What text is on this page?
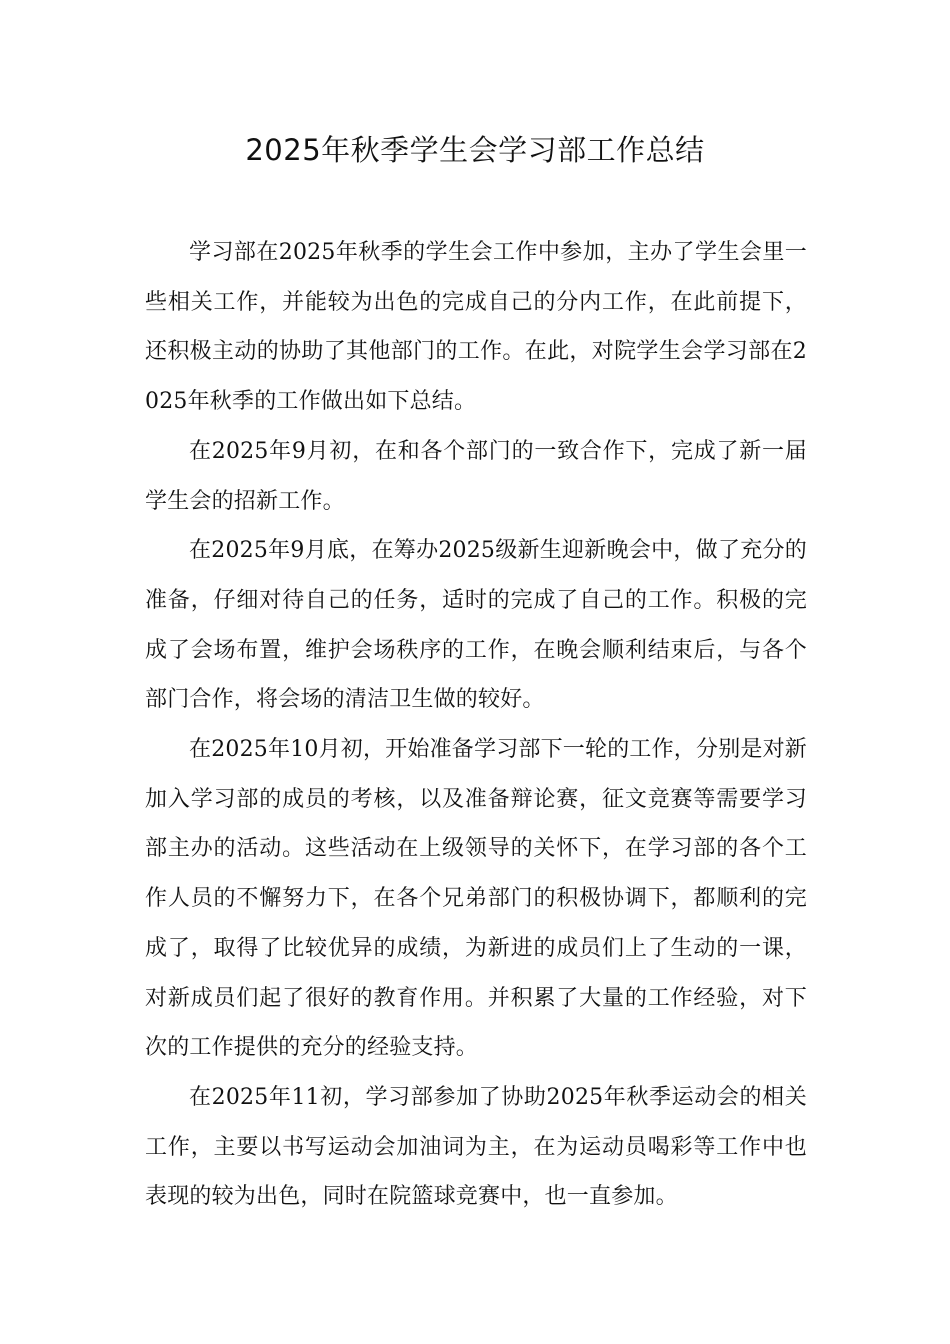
2025年秋季学生会学习部工作总结

学习部在2025年秋季的学生会工作中参加，主办了学生会里一些相关工作，并能较为出色的完成自己的分内工作，在此前提下，还积极主动的协助了其他部门的工作。在此，对院学生会学习部在2025年秋季的工作做出如下总结。

在2025年9月初，在和各个部门的一致合作下，完成了新一届学生会的招新工作。

在2025年9月底，在筹办2025级新生迎新晚会中，做了充分的准备，仔细对待自己的任务，适时的完成了自己的工作。积极的完成了会场布置，维护会场秩序的工作，在晚会顺利结束后，与各个部门合作，将会场的清洁卫生做的较好。

在2025年10月初，开始准备学习部下一轮的工作，分别是对新加入学习部的成员的考核，以及准备辩论赛，征文竞赛等需要学习部主办的活动。这些活动在上级领导的关怀下，在学习部的各个工作人员的不懈努力下，在各个兄弟部门的积极协调下，都顺利的完成了，取得了比较优异的成绩，为新进的成员们上了生动的一课，对新成员们起了很好的教育作用。并积累了大量的工作经验，对下次的工作提供的充分的经验支持。

在2025年11初，学习部参加了协助2025年秋季运动会的相关工作，主要以书写运动会加油词为主，在为运动员喝彩等工作中也表现的较为出色，同时在院篮球竞赛中，也一直参加。
